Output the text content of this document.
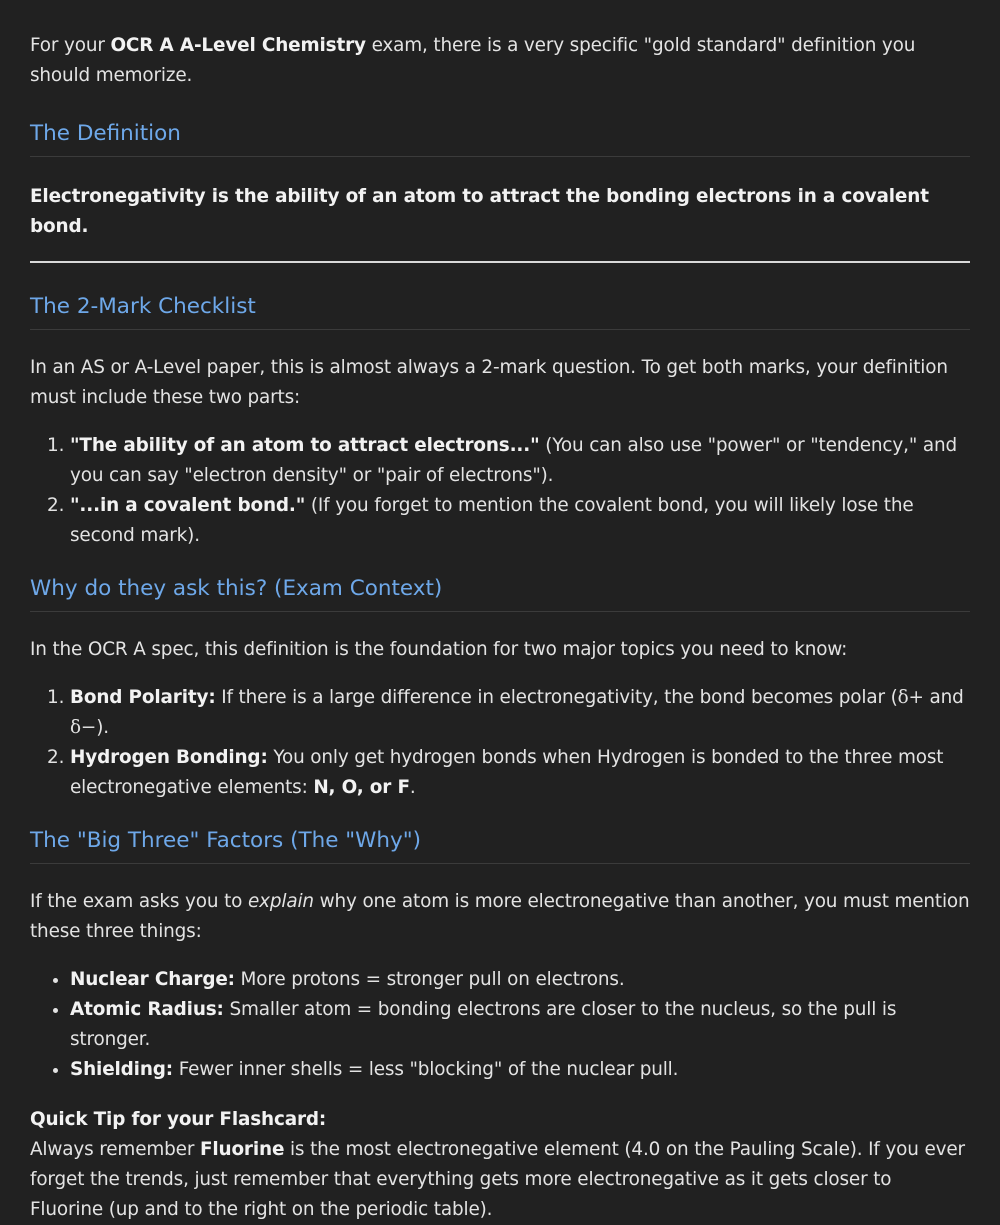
For your OCR A A-Level Chemistry exam, there is a very specific "gold standard" definition you should memorize.

The Definition

Electronegativity is the ability of an atom to attract the bonding electrons in a covalent bond.

The 2-Mark Checklist

In an AS or A-Level paper, this is almost always a 2-mark question. To get both marks, your definition must include these two parts:

1. "The ability of an atom to attract electrons..." (You can also use "power" or "tendency," and you can say "electron density" or "pair of electrons").
2. "...in a covalent bond." (If you forget to mention the covalent bond, you will likely lose the second mark).
Why do they ask this? (Exam Context)

In the OCR A spec, this definition is the foundation for two major topics you need to know:

1. Bond Polarity: If there is a large difference in electronegativity, the bond becomes polar (δ+ and δ−).
2. Hydrogen Bonding: You only get hydrogen bonds when Hydrogen is bonded to the three most electronegative elements: N, O, or F.
The "Big Three" Factors (The "Why")

If the exam asks you to explain why one atom is more electronegative than another, you must mention these three things:

• Nuclear Charge: More protons = stronger pull on electrons.
• Atomic Radius: Smaller atom = bonding electrons are closer to the nucleus, so the pull is stronger.
• Shielding: Fewer inner shells = less "blocking" of the nuclear pull.

Quick Tip for your Flashcard:
Always remember Fluorine is the most electronegative element (4.0 on the Pauling Scale). If you ever forget the trends, just remember that everything gets more electronegative as it gets closer to Fluorine (up and to the right on the periodic table).
